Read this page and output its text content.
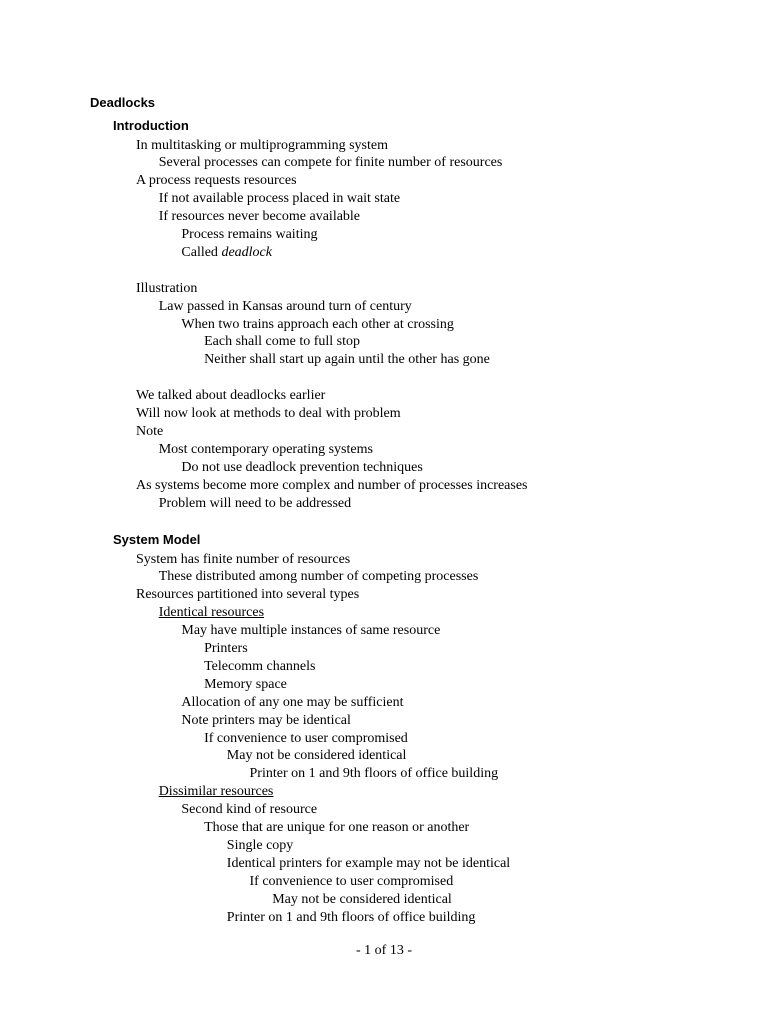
Deadlocks
Introduction
In multitasking or multiprogramming system
Several processes can compete for finite number of resources
A process requests resources
If not available process placed in wait state
If resources never become available
Process remains waiting
Called deadlock
Illustration
Law passed in Kansas around turn of century
When two trains approach each other at crossing
Each shall come to full stop
Neither shall start up again until the other has gone
We talked about deadlocks earlier
Will now look at methods to deal with problem
Note
Most contemporary operating systems
Do not use deadlock prevention techniques
As systems become more complex and number of processes increases
Problem will need to be addressed
System Model
System has finite number of resources
These distributed among number of competing processes
Resources partitioned into several types
Identical resources
May have multiple instances of same resource
Printers
Telecomm channels
Memory space
Allocation of any one may be sufficient
Note printers may be identical
If convenience to user compromised
May not be considered identical
Printer on 1 and 9th floors of office building
Dissimilar resources
Second kind of resource
Those that are unique for one reason or another
Single copy
Identical printers for example may not be identical
If convenience to user compromised
May not be considered identical
Printer on 1 and 9th floors of office building
- 1 of 13 -
